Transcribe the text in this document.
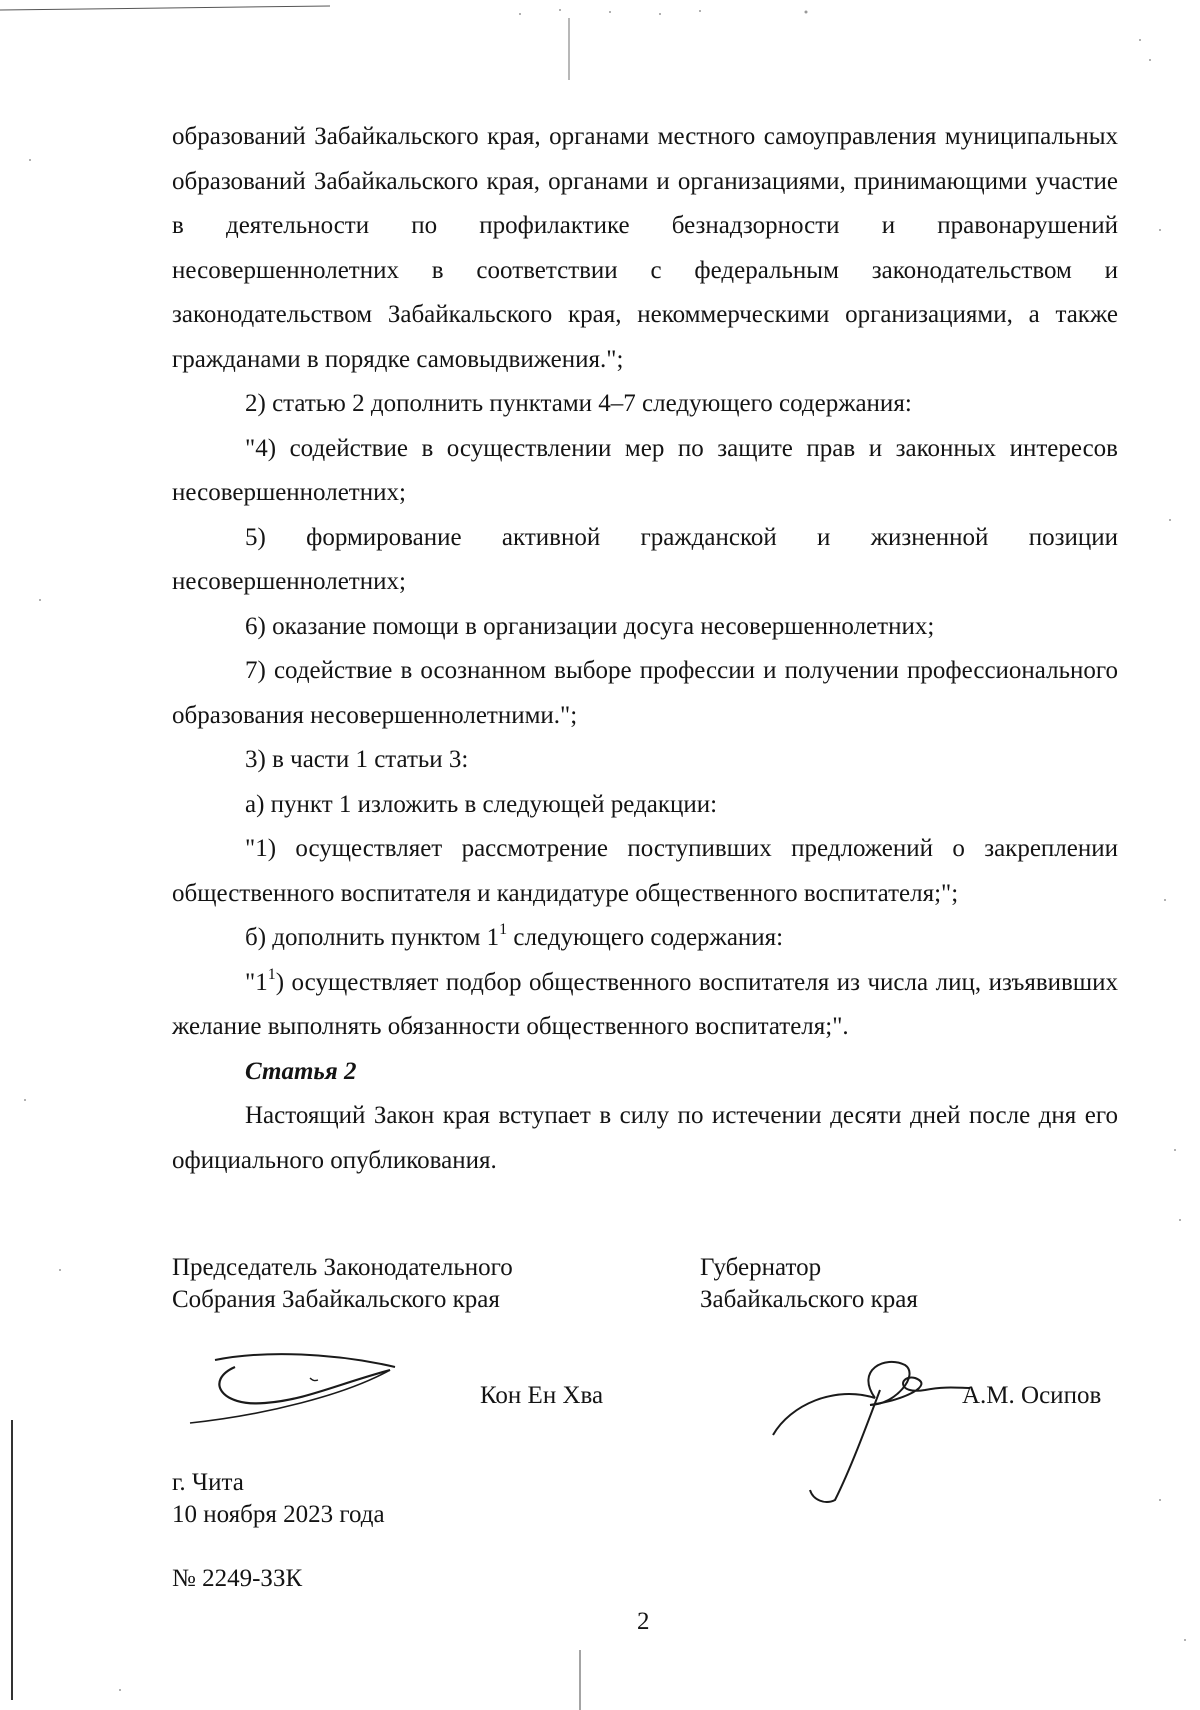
образований Забайкальского края, органами местного самоуправления муниципальных образований Забайкальского края, органами и организациями, принимающими участие в деятельности по профилактике безнадзорности и правонарушений несовершеннолетних в соответствии с федеральным законодательством и законодательством Забайкальского края, некоммерческими организациями, а также гражданами в порядке самовыдвижения.";

2) статью 2 дополнить пунктами 4–7 следующего содержания:

"4) содействие в осуществлении мер по защите прав и законных интересов несовершеннолетних;

5) формирование активной гражданской и жизненной позиции несовершеннолетних;

6) оказание помощи в организации досуга несовершеннолетних;

7) содействие в осознанном выборе профессии и получении профессионального образования несовершеннолетними.";

3) в части 1 статьи 3:

а) пункт 1 изложить в следующей редакции:

"1) осуществляет рассмотрение поступивших предложений о закреплении общественного воспитателя и кандидатуре общественного воспитателя;";

б) дополнить пунктом $1^1$ следующего содержания:

"$1^1$) осуществляет подбор общественного воспитателя из числа лиц, изъявивших желание выполнять обязанности общественного воспитателя;".

Статья 2

Настоящий Закон края вступает в силу по истечении десяти дней после дня его официального опубликования.

Председатель Законодательного
Собрания Забайкальского края
Губернатор
Забайкальского края
Кон Ен Хва	А.М. Осипов
г. Чита
10 ноября 2023 года
№ 2249-ЗЗК
2
